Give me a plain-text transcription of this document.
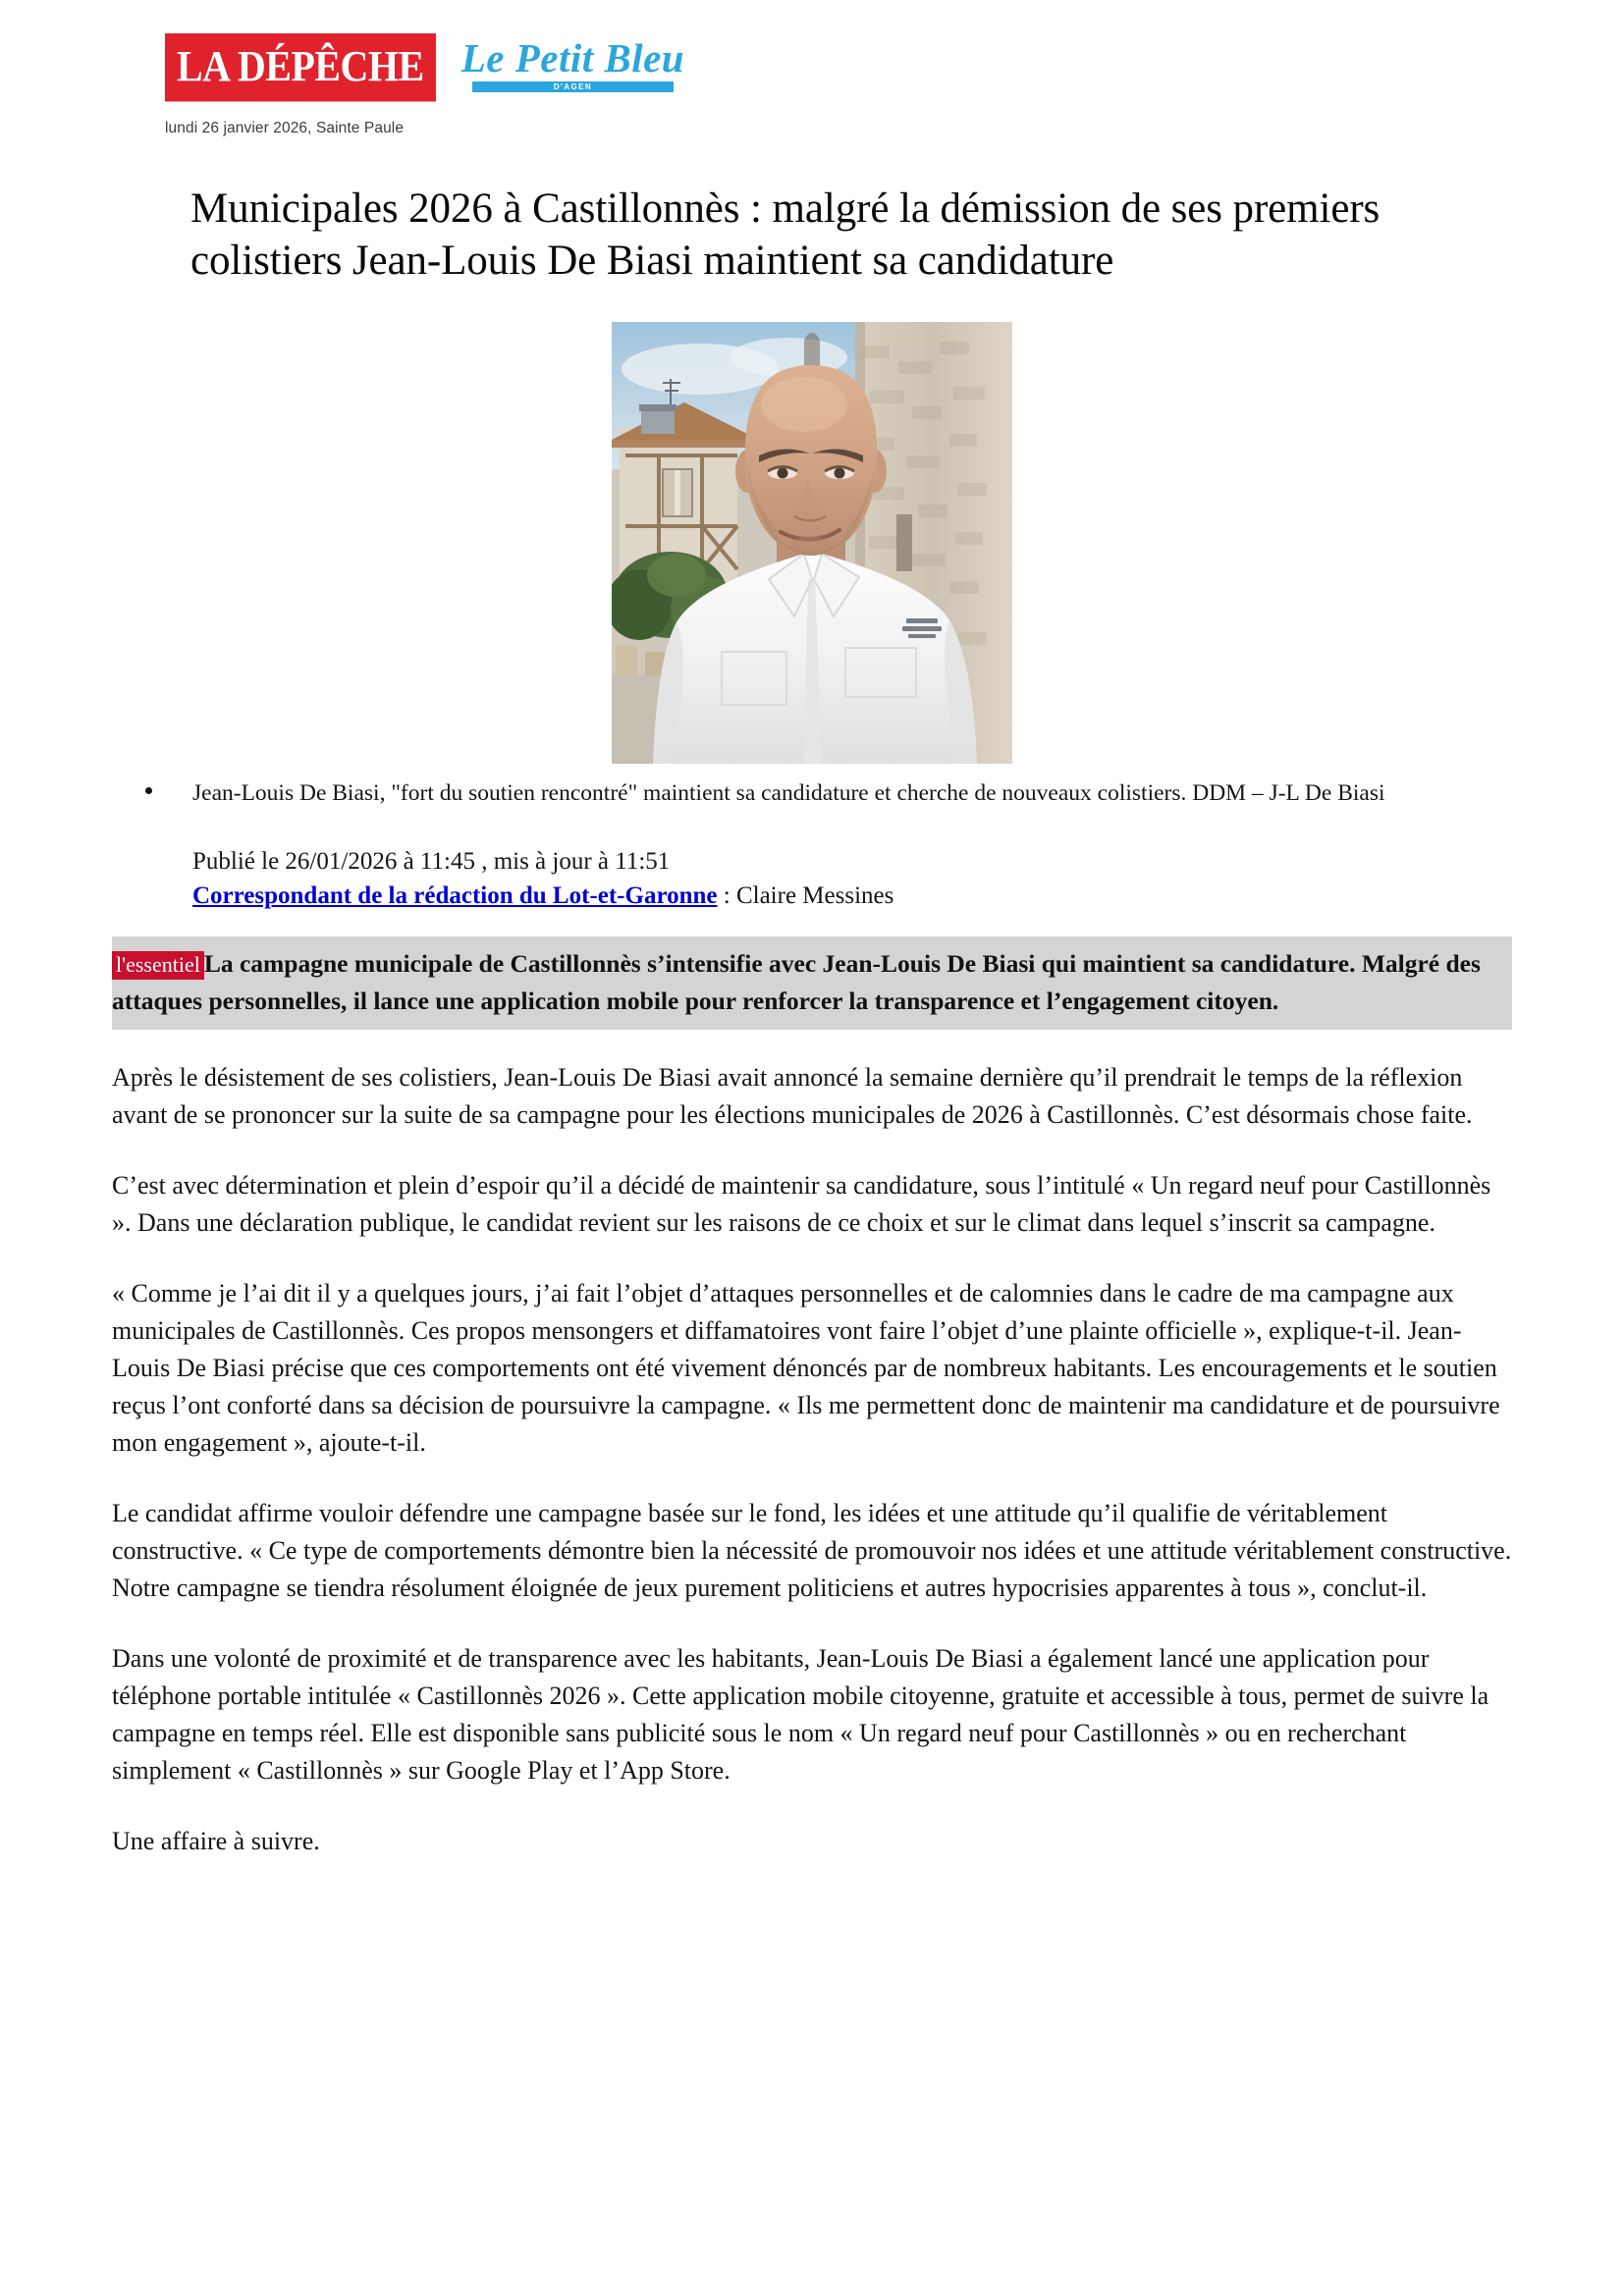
LA DÉPÊCHE Le Petit Bleu
D'AGEN
lundi 26 janvier 2026, Sainte Paule
Municipales 2026 à Castillonnès : malgré la démission de ses premiers colistiers Jean-Louis De Biasi maintient sa candidature
Jean-Louis De Biasi, "fort du soutien rencontré" maintient sa candidature et cherche de nouveaux colistiers. DDM – J-L De Biasi
Publié le 26/01/2026 à 11:45 , mis à jour à 11:51
Correspondant de la rédaction du Lot-et-Garonne : Claire Messines
l'essentiel La campagne municipale de Castillonnès s’intensifie avec Jean-Louis De Biasi qui maintient sa candidature. Malgré des attaques personnelles, il lance une application mobile pour renforcer la transparence et l’engagement citoyen.

Après le désistement de ses colistiers, Jean-Louis De Biasi avait annoncé la semaine dernière qu’il prendrait le temps de la réflexion avant de se prononcer sur la suite de sa campagne pour les élections municipales de 2026 à Castillonnès. C’est désormais chose faite.

C’est avec détermination et plein d’espoir qu’il a décidé de maintenir sa candidature, sous l’intitulé « Un regard neuf pour Castillonnès ». Dans une déclaration publique, le candidat revient sur les raisons de ce choix et sur le climat dans lequel s’inscrit sa campagne.

« Comme je l’ai dit il y a quelques jours, j’ai fait l’objet d’attaques personnelles et de calomnies dans le cadre de ma campagne aux municipales de Castillonnès. Ces propos mensongers et diffamatoires vont faire l’objet d’une plainte officielle », explique-t-il. Jean-Louis De Biasi précise que ces comportements ont été vivement dénoncés par de nombreux habitants. Les encouragements et le soutien reçus l’ont conforté dans sa décision de poursuivre la campagne. « Ils me permettent donc de maintenir ma candidature et de poursuivre mon engagement », ajoute-t-il.

Le candidat affirme vouloir défendre une campagne basée sur le fond, les idées et une attitude qu’il qualifie de véritablement constructive. « Ce type de comportements démontre bien la nécessité de promouvoir nos idées et une attitude véritablement constructive. Notre campagne se tiendra résolument éloignée de jeux purement politiciens et autres hypocrisies apparentes à tous », conclut-il.

Dans une volonté de proximité et de transparence avec les habitants, Jean-Louis De Biasi a également lancé une application pour téléphone portable intitulée « Castillonnès 2026 ». Cette application mobile citoyenne, gratuite et accessible à tous, permet de suivre la campagne en temps réel. Elle est disponible sans publicité sous le nom « Un regard neuf pour Castillonnès » ou en recherchant simplement « Castillonnès » sur Google Play et l’App Store.

Une affaire à suivre.
